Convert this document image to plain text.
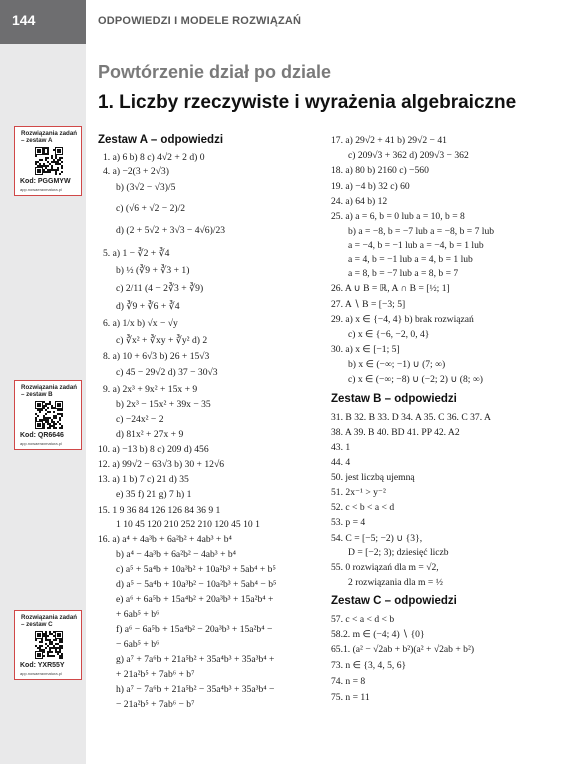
144	ODPOWIEDZI I MODELE ROZWIĄZAŃ
Powtórzenie dział po dziale
1. Liczby rzeczywiste i wyrażenia algebraiczne
Rozwiązania zadań – zestaw A
Kod: PGGMYW
app.nowaeraxmatura.pl
Rozwiązania zadań – zestaw B
Kod: QR6646
app.nowaeraxmatura.pl
Rozwiązania zadań – zestaw C
Kod: YXR55Y
app.nowaeraxmatura.pl
Zestaw A – odpowiedzi
1. a) 6 b) 8 c) 4√2 + 2 d) 0
4. a) −2(3 + 2√3)
b) (3√2 − √3)/5
c) (√6 + √2 − 2)/2
d) (2 + 5√2 + 3√3 − 4√6)/23
5. a) 1 − ∛2 + ∛4
b) ½ (∛9 + ∛3 + 1)
c) 2/11 (4 − 2∛3 + ∛9)
d) ∛9 + ∛6 + ∛4
6. a) 1/x b) √x − √y
c) ∛x² + ∛xy + ∛y² d) 2
8. a) 10 + 6√3 b) 26 + 15√3
c) 45 − 29√2 d) 37 − 30√3
9. a) 2x³ + 9x² + 15x + 9
b) 2x³ − 15x² + 39x − 35
c) −24x² − 2
d) 81x² + 27x + 9
10. a) −13 b) 8 c) 209 d) 456
12. a) 99√2 − 63√3 b) 30 + 12√6
13. a) 1 b) 7 c) 21 d) 35
e) 35 f) 21 g) 7 h) 1
15. 1 9 36 84 126 126 84 36 9 1
1 10 45 120 210 252 210 120 45 10 1
16. a) a⁴ + 4a³b + 6a²b² + 4ab³ + b⁴
b) a⁴ − 4a³b + 6a²b² − 4ab³ + b⁴
c) a⁵ + 5a⁴b + 10a³b² + 10a²b³ + 5ab⁴ + b⁵
d) a⁵ − 5a⁴b + 10a³b² − 10a²b³ + 5ab⁴ − b⁵
e) a⁶ + 6a⁵b + 15a⁴b² + 20a³b³ + 15a²b⁴ +
+ 6ab⁵ + b⁶
f) a⁶ − 6a⁵b + 15a⁴b² − 20a³b³ + 15a²b⁴ −
− 6ab⁵ + b⁶
g) a⁷ + 7a⁶b + 21a⁵b² + 35a⁴b³ + 35a³b⁴ +
+ 21a²b⁵ + 7ab⁶ + b⁷
h) a⁷ − 7a⁶b + 21a⁵b² − 35a⁴b³ + 35a³b⁴ −
− 21a²b⁵ + 7ab⁶ − b⁷
17. a) 29√2 + 41 b) 29√2 − 41
c) 209√3 + 362 d) 209√3 − 362
18. a) 80 b) 2160 c) −560
19. a) −4 b) 32 c) 60
24. a) 64 b) 12
25. a) a = 6, b = 0 lub a = 10, b = 8
b) a = −8, b = −7 lub a = −8, b = 7 lub
a = −4, b = −1 lub a = −4, b = 1 lub
a = 4, b = −1 lub a = 4, b = 1 lub
a = 8, b = −7 lub a = 8, b = 7
26. A ∪ B = ℝ, A ∩ B = [½; 1]
27. A ∖ B = [−3; 5]
29. a) x ∈ {−4, 4} b) brak rozwiązań
c) x ∈ {−6, −2, 0, 4}
30. a) x ∈ [−1; 5]
b) x ∈ (−∞; −1) ∪ (7; ∞)
c) x ∈ (−∞; −8) ∪ (−2; 2) ∪ (8; ∞)
Zestaw B – odpowiedzi
31. B 32. B 33. D 34. A 35. C 36. C 37. A
38. A 39. B 40. BD 41. PP 42. A2
43. 1
44. 4
50. jest liczbą ujemną
51. 2x⁻¹ > y⁻²
52. c < b < a < d
53. p = 4
54. C = [−5; −2) ∪ {3},
D = [−2; 3); dziesięć liczb
55. 0 rozwiązań dla m = √2,
2 rozwiązania dla m = ½
Zestaw C – odpowiedzi
57. c < a < d < b
58.2. m ∈ (−4; 4) ∖ {0}
65.1. (a² − √2ab + b²)(a² + √2ab + b²)
73. n ∈ {3, 4, 5, 6}
74. n = 8
75. n = 11
